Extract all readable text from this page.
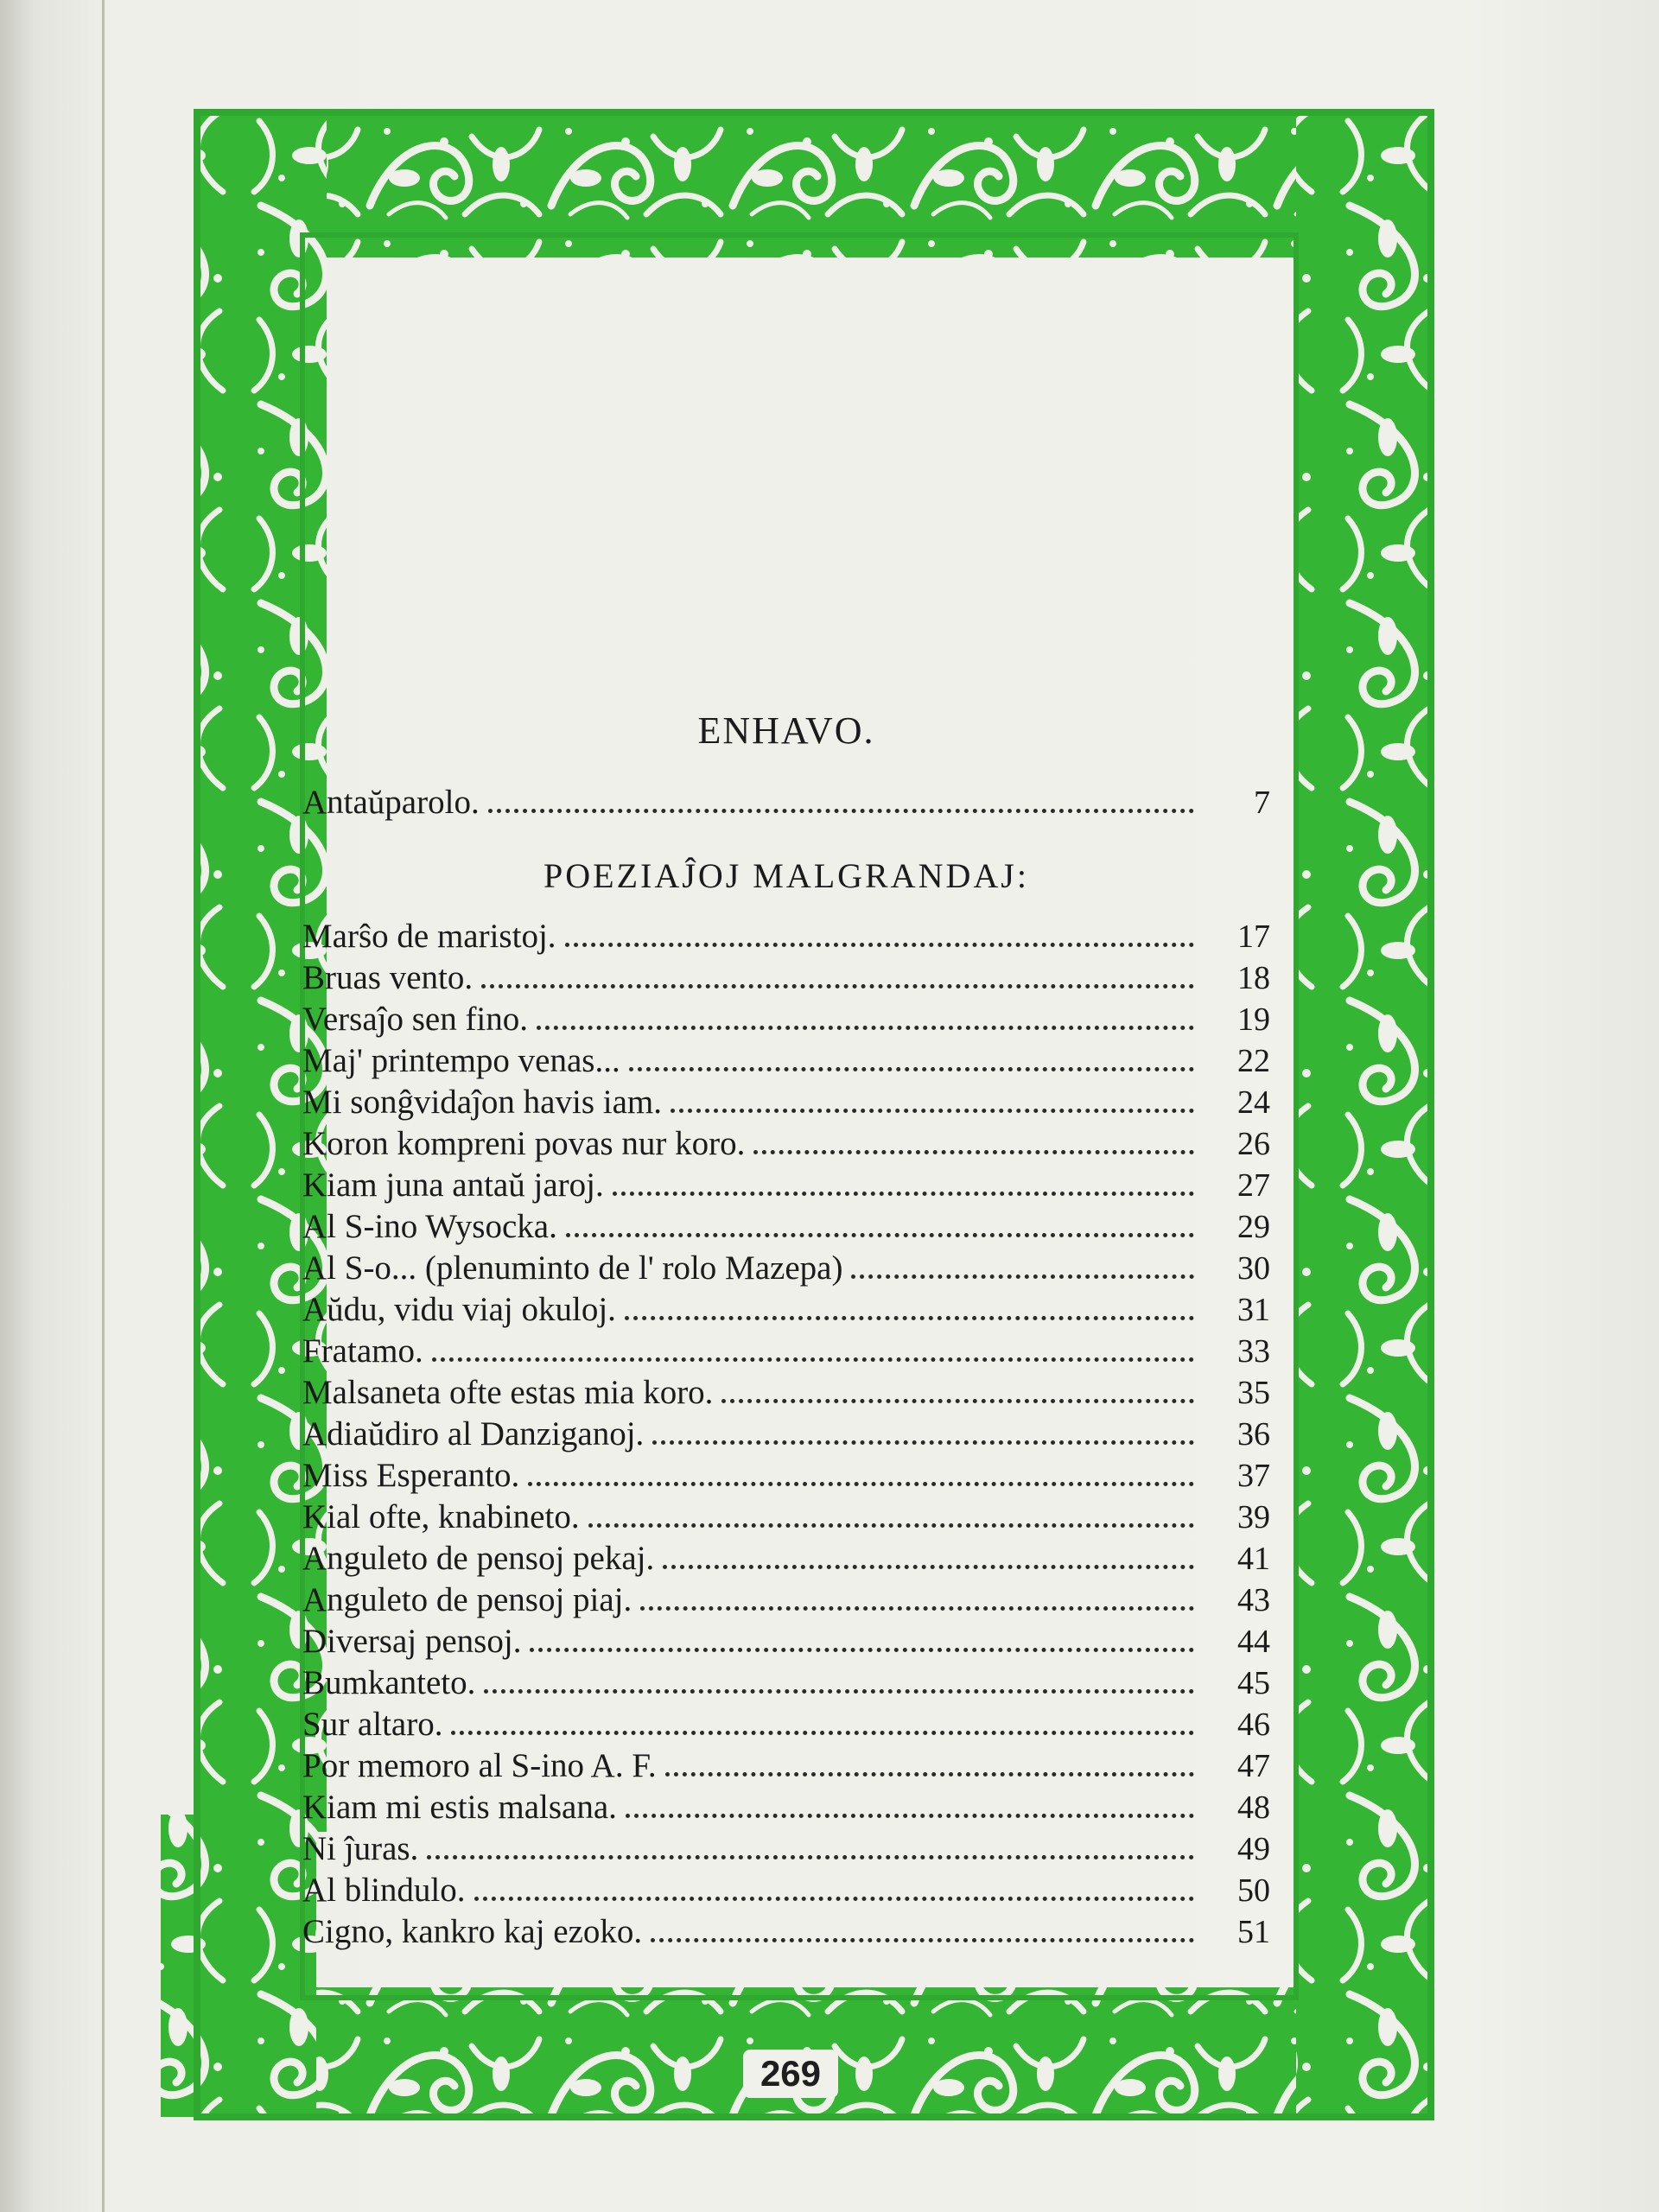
ENHAVO.
Antaŭparolo.	7
POEZIAĴOJ MALGRANDAJ:
Marŝo de maristoj.	17
Bruas vento.	18
Versaĵo sen fino.	19
Maj' printempo venas...	22
Mi sonĝvidaĵon havis iam.	24
Koron kompreni povas nur koro.	26
Kiam juna antaŭ jaroj.	27
Al S-ino Wysocka.	29
Al S-o... (plenuminto de l' rolo Mazepa)	30
Aŭdu, vidu viaj okuloj.	31
Fratamo.	33
Malsaneta ofte estas mia koro.	35
Adiaŭdiro al Danziganoj.	36
Miss Esperanto.	37
Kial ofte, knabineto.	39
Anguleto de pensoj pekaj.	41
Anguleto de pensoj piaj.	43
Diversaj pensoj.	44
Bumkanteto.	45
Sur altaro.	46
Por memoro al S-ino A. F.	47
Kiam mi estis malsana.	48
Ni ĵuras.	49
Al blindulo.	50
Cigno, kankro kaj ezoko.	51
269
